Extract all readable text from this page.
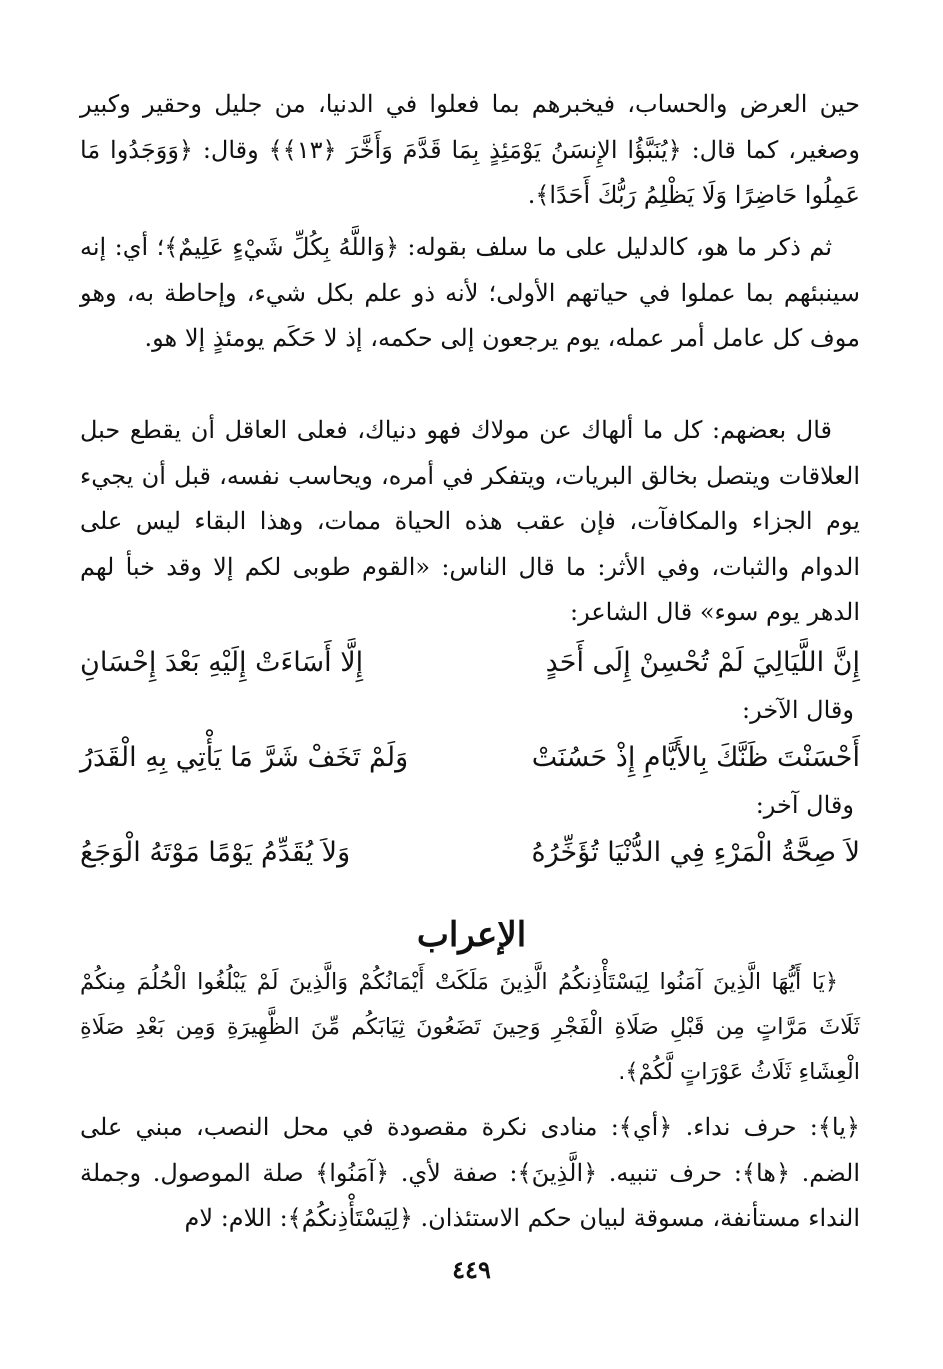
حين العرض والحساب، فيخبرهم بما فعلوا في الدنيا، من جليل وحقير وكبير وصغير، كما قال: ﴿يُنَبَّؤُا الإِنسَنُ يَوْمَئِذٍ بِمَا قَدَّمَ وَأَخَّرَ ﴿١٣﴾﴾ وقال: ﴿وَوَجَدُوا مَا عَمِلُوا حَاضِرًا وَلَا يَظْلِمُ رَبُّكَ أَحَدًا﴾.

ثم ذكر ما هو، كالدليل على ما سلف بقوله: ﴿وَاللَّهُ بِكُلِّ شَيْءٍ عَلِيمٌ﴾؛ أي: إنه سينبئهم بما عملوا في حياتهم الأولى؛ لأنه ذو علم بكل شيء، وإحاطة به، وهو موف كل عامل أمر عمله، يوم يرجعون إلى حكمه، إذ لا حَكَم يومئذٍ إلا هو.

قال بعضهم: كل ما ألهاك عن مولاك فهو دنياك، فعلى العاقل أن يقطع حبل العلاقات ويتصل بخالق البريات، ويتفكر في أمره، ويحاسب نفسه، قبل أن يجيء يوم الجزاء والمكافآت، فإن عقب هذه الحياة ممات، وهذا البقاء ليس على الدوام والثبات، وفي الأثر: ما قال الناس: «القوم طوبى لكم إلا وقد خبأ لهم الدهر يوم سوء» قال الشاعر:

إِنَّ اللَّيَالِيَ لَمْ تُحْسِنْ إِلَى أَحَدٍ
إِلَّا أَسَاءَتْ إِلَيْهِ بَعْدَ إِحْسَانِ

وقال الآخر:

أَحْسَنْتَ ظَنَّكَ بِالأَيَّامِ إِذْ حَسُنَتْ
وَلَمْ تَخَفْ شَرَّ مَا يَأْتِي بِهِ الْقَدَرُ

وقال آخر:

لاَ صِحَّةُ الْمَرْءِ فِي الدُّنْيَا تُؤَخِّرُهُ
وَلاَ يُقَدِّمُ يَوْمًا مَوْتَهُ الْوَجَعُ
الإعراب

﴿يَا أَيُّهَا الَّذِينَ آمَنُوا لِيَسْتَأْذِنكُمُ الَّذِينَ مَلَكَتْ أَيْمَانُكُمْ وَالَّذِينَ لَمْ يَبْلُغُوا الْحُلُمَ مِنكُمْ ثَلَاثَ مَرَّاتٍ مِن قَبْلِ صَلَاةِ الْفَجْرِ وَحِينَ تَضَعُونَ ثِيَابَكُم مِّنَ الظَّهِيرَةِ وَمِن بَعْدِ صَلَاةِ الْعِشَاءِ ثَلَاثُ عَوْرَاتٍ لَّكُمْ﴾.

﴿يا﴾: حرف نداء. ﴿أي﴾: منادى نكرة مقصودة في محل النصب، مبني على الضم. ﴿ها﴾: حرف تنبيه. ﴿الَّذِينَ﴾: صفة لأي. ﴿آمَنُوا﴾ صلة الموصول. وجملة النداء مستأنفة، مسوقة لبيان حكم الاستئذان. ﴿لِيَسْتَأْذِنكُمُ﴾: اللام: لام

٤٤٩
